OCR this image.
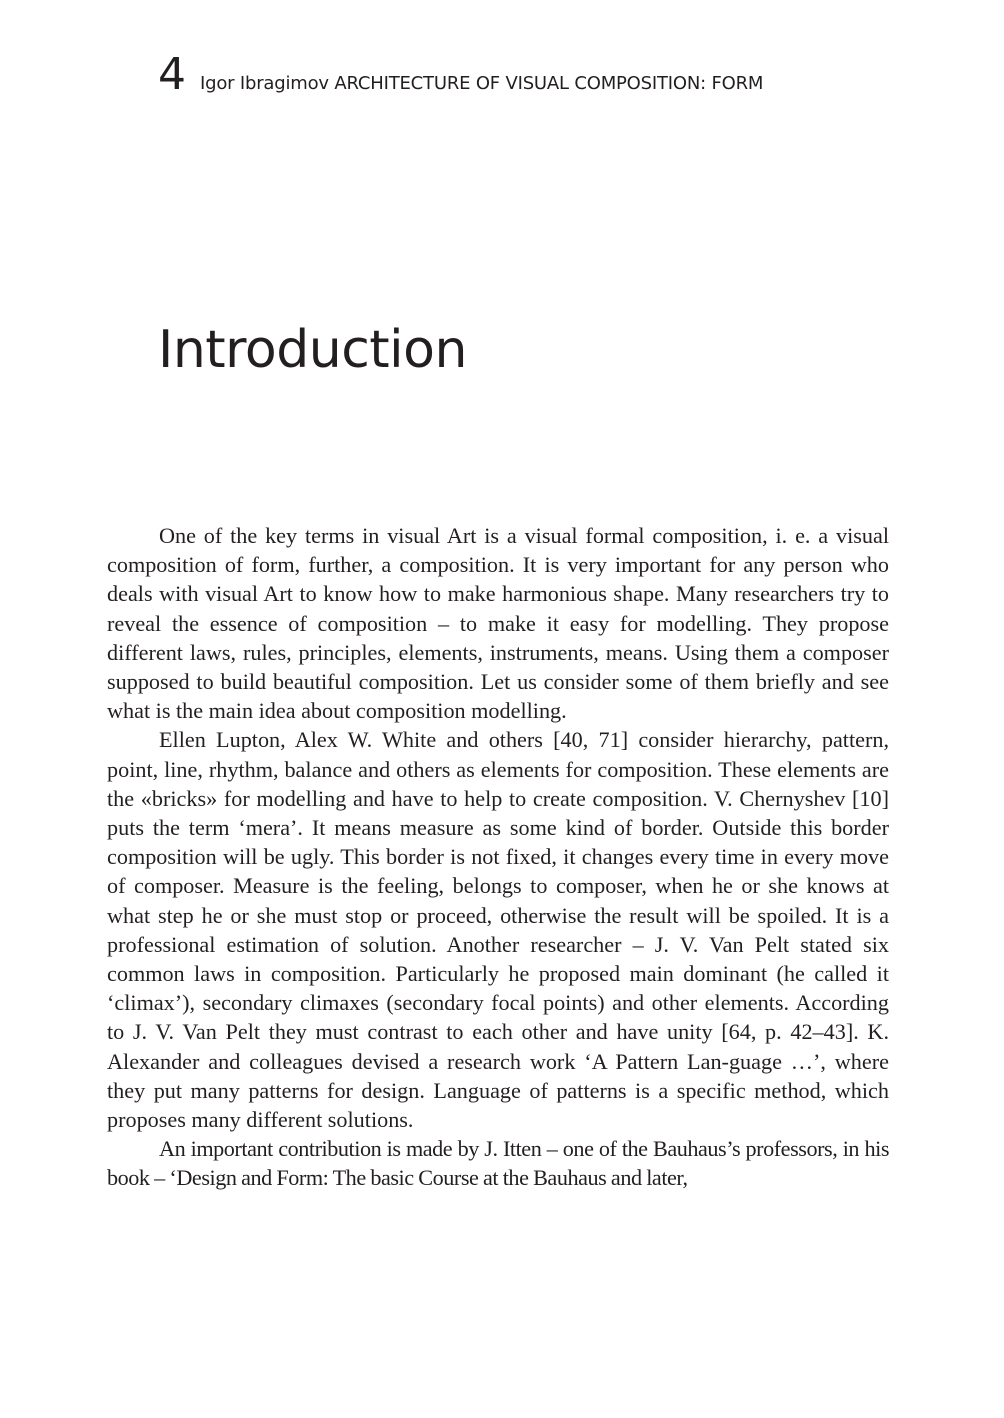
4 Igor Ibragimov ARCHITECTURE OF VISUAL COMPOSITION: FORM
Introduction

One of the key terms in visual Art is a visual formal composition, i. e. a visual composition of form, further, a composition. It is very important for any person who deals with visual Art to know how to make harmonious shape. Many researchers try to reveal the essence of composition – to make it easy for modelling. They propose different laws, rules, principles, elements, instruments, means. Using them a composer supposed to build beautiful composition. Let us consider some of them briefly and see what is the main idea about composition modelling.

Ellen Lupton, Alex W. White and others [40, 71] consider hierarchy, pattern, point, line, rhythm, balance and others as elements for composition. These elements are the «bricks» for modelling and have to help to create composition. V. Chernyshev [10] puts the term ‘mera’. It means measure as some kind of border. Outside this border composition will be ugly. This border is not fixed, it changes every time in every move of composer. Measure is the feeling, belongs to composer, when he or she knows at what step he or she must stop or proceed, otherwise the result will be spoiled. It is a professional estimation of solution. Another researcher – J. V. Van Pelt stated six common laws in composition. Particularly he proposed main dominant (he called it ‘climax’), secondary climaxes (secondary focal points) and other elements. According to J. V. Van Pelt they must contrast to each other and have unity [64, p. 42–43]. K. Alexander and colleagues devised a research work ‘A Pattern Lan-guage …’, where they put many patterns for design. Language of patterns is a specific method, which proposes many different solutions.

An important contribution is made by J. Itten – one of the Bauhaus’s professors, in his book – ‘Design and Form: The basic Course at the Bauhaus and later,
